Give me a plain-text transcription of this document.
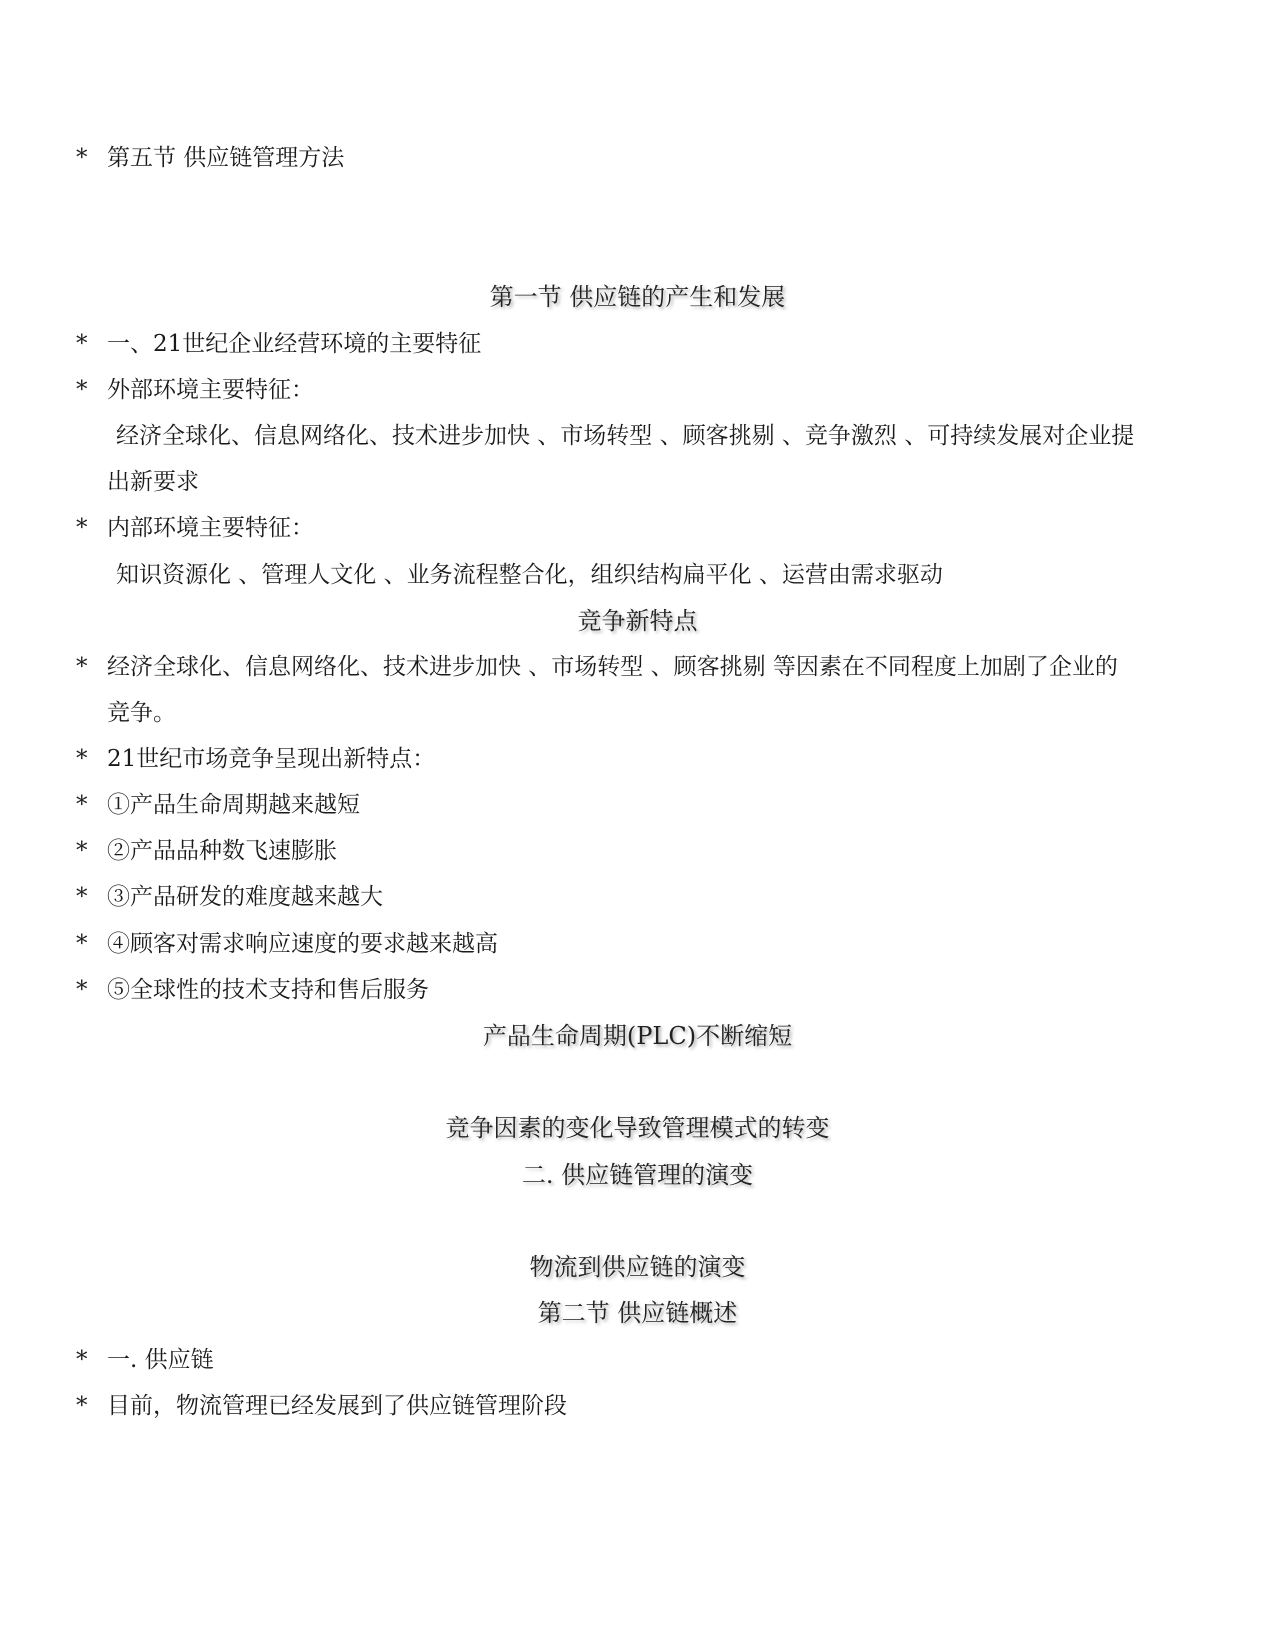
* 第五节 供应链管理方法
第一节 供应链的产生和发展
* 一、21世纪企业经营环境的主要特征
* 外部环境主要特征：
经济全球化、信息网络化、技术进步加快 、市场转型 、顾客挑剔 、竞争激烈 、可持续发展对企业提
出新要求
* 内部环境主要特征：
知识资源化 、管理人文化 、业务流程整合化，组织结构扁平化 、运营由需求驱动
竞争新特点
* 经济全球化、信息网络化、技术进步加快 、市场转型 、顾客挑剔 等因素在不同程度上加剧了企业的
竞争。
* 21世纪市场竞争呈现出新特点：
* ①产品生命周期越来越短
* ②产品品种数飞速膨胀
* ③产品研发的难度越来越大
* ④顾客对需求响应速度的要求越来越高
* ⑤全球性的技术支持和售后服务
产品生命周期(PLC)不断缩短
竞争因素的变化导致管理模式的转变
二. 供应链管理的演变
物流到供应链的演变
第二节 供应链概述
* 一. 供应链
* 目前，物流管理已经发展到了供应链管理阶段
